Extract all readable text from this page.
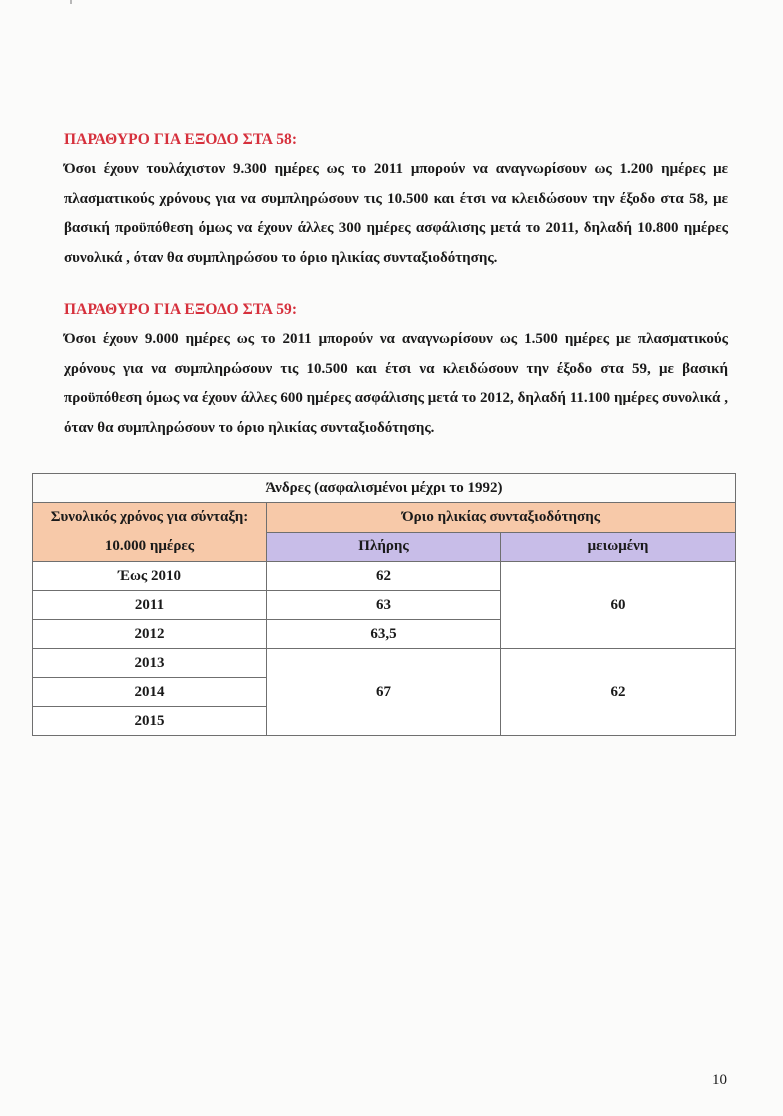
ΠΑΡΑΘΥΡΟ ΓΙΑ ΕΞΟΔΟ ΣΤΑ 58:

Όσοι έχουν τουλάχιστον 9.300 ημέρες ως το 2011 μπορούν να αναγνωρίσουν ως 1.200 ημέρες με πλασματικούς χρόνους για να συμπληρώσουν τις 10.500 και έτσι να κλειδώσουν την έξοδο στα 58, με βασική προϋπόθεση όμως να έχουν άλλες 300 ημέρες ασφάλισης μετά το 2011, δηλαδή 10.800 ημέρες συνολικά , όταν θα συμπληρώσου το όριο ηλικίας συνταξιοδότησης.

ΠΑΡΑΘΥΡΟ ΓΙΑ ΕΞΟΔΟ ΣΤΑ 59:

Όσοι έχουν 9.000 ημέρες ως το 2011 μπορούν να αναγνωρίσουν ως 1.500 ημέρες με πλασματικούς χρόνους για να συμπληρώσουν τις 10.500 και έτσι να κλειδώσουν την έξοδο στα 59, με βασική προϋπόθεση όμως να έχουν άλλες 600 ημέρες ασφάλισης μετά το 2012, δηλαδή 11.100 ημέρες συνολικά , όταν θα συμπληρώσουν το όριο ηλικίας συνταξιοδότησης.

Άνδρες (ασφαλισμένοι μέχρι το 1992)		
Συνολικός χρόνος για σύνταξη: 10.000 ημέρες	Όριο ηλικίας συνταξιοδότησης	
	Πλήρης	μειωμένη
Έως 2010	62	60
2011	63	
2012	63,5	
2013	67	62
2014		
2015		
10
